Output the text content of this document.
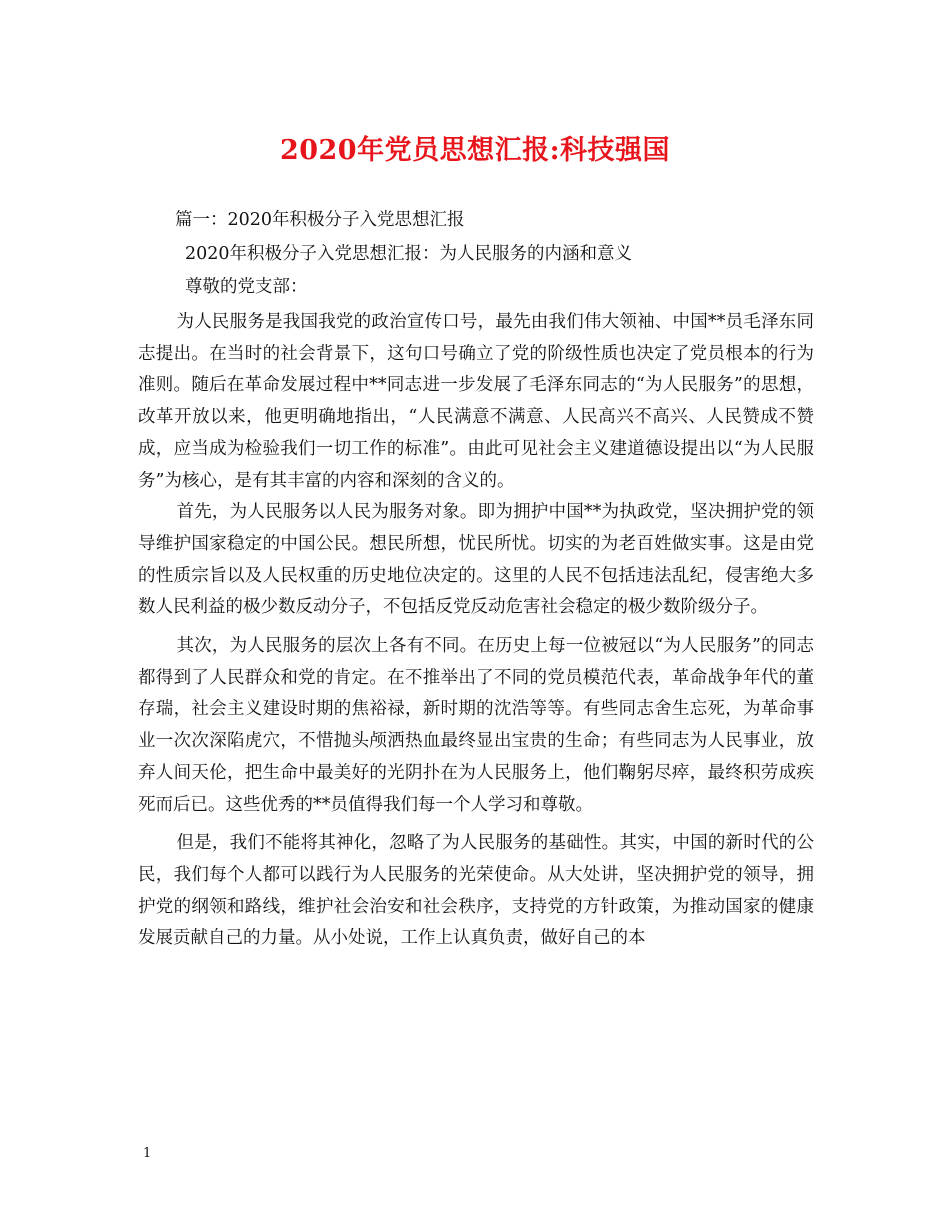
2020年党员思想汇报:科技强国

篇一：2020年积极分子入党思想汇报

2020年积极分子入党思想汇报：为人民服务的内涵和意义

尊敬的党支部：

为人民服务是我国我党的政治宣传口号，最先由我们伟大领袖、中国**员毛泽东同志提出。在当时的社会背景下，这句口号确立了党的阶级性质也决定了党员根本的行为准则。随后在革命发展过程中**同志进一步发展了毛泽东同志的“为人民服务”的思想，改革开放以来，他更明确地指出，“人民满意不满意、人民高兴不高兴、人民赞成不赞成，应当成为检验我们一切工作的标准”。由此可见社会主义建道德设提出以“为人民服务”为核心，是有其丰富的内容和深刻的含义的。

首先，为人民服务以人民为服务对象。即为拥护中国**为执政党，坚决拥护党的领导维护国家稳定的中国公民。想民所想，忧民所忧。切实的为老百姓做实事。这是由党的性质宗旨以及人民权重的历史地位决定的。这里的人民不包括违法乱纪，侵害绝大多数人民利益的极少数反动分子，不包括反党反动危害社会稳定的极少数阶级分子。

其次，为人民服务的层次上各有不同。在历史上每一位被冠以“为人民服务”的同志都得到了人民群众和党的肯定。在不推举出了不同的党员模范代表，革命战争年代的董存瑞，社会主义建设时期的焦裕禄，新时期的沈浩等等。有些同志舍生忘死，为革命事业一次次深陷虎穴，不惜抛头颅洒热血最终显出宝贵的生命；有些同志为人民事业，放弃人间天伦，把生命中最美好的光阴扑在为人民服务上，他们鞠躬尽瘁，最终积劳成疾死而后已。这些优秀的**员值得我们每一个人学习和尊敬。

但是，我们不能将其神化，忽略了为人民服务的基础性。其实，中国的新时代的公民，我们每个人都可以践行为人民服务的光荣使命。从大处讲，坚决拥护党的领导，拥护党的纲领和路线，维护社会治安和社会秩序，支持党的方针政策，为推动国家的健康发展贡献自己的力量。从小处说，工作上认真负责，做好自己的本

1
